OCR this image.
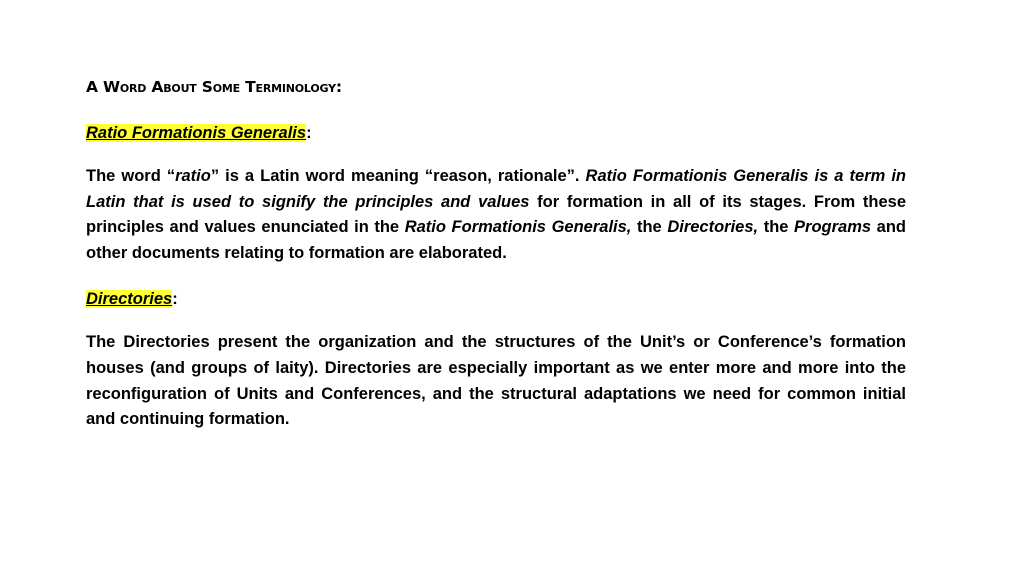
A Word About Some Terminology:

Ratio Formationis Generalis:

The word “ratio” is a Latin word meaning “reason, rationale”. Ratio Formationis Generalis is a term in Latin that is used to signify the principles and values for formation in all of its stages. From these principles and values enunciated in the Ratio Formationis Generalis, the Directories, the Programs and other documents relating to formation are elaborated.

Directories:

The Directories present the organization and the structures of the Unit’s or Conference’s formation houses (and groups of laity). Directories are especially important as we enter more and more into the reconfiguration of Units and Conferences, and the structural adaptations we need for common initial and continuing formation.
